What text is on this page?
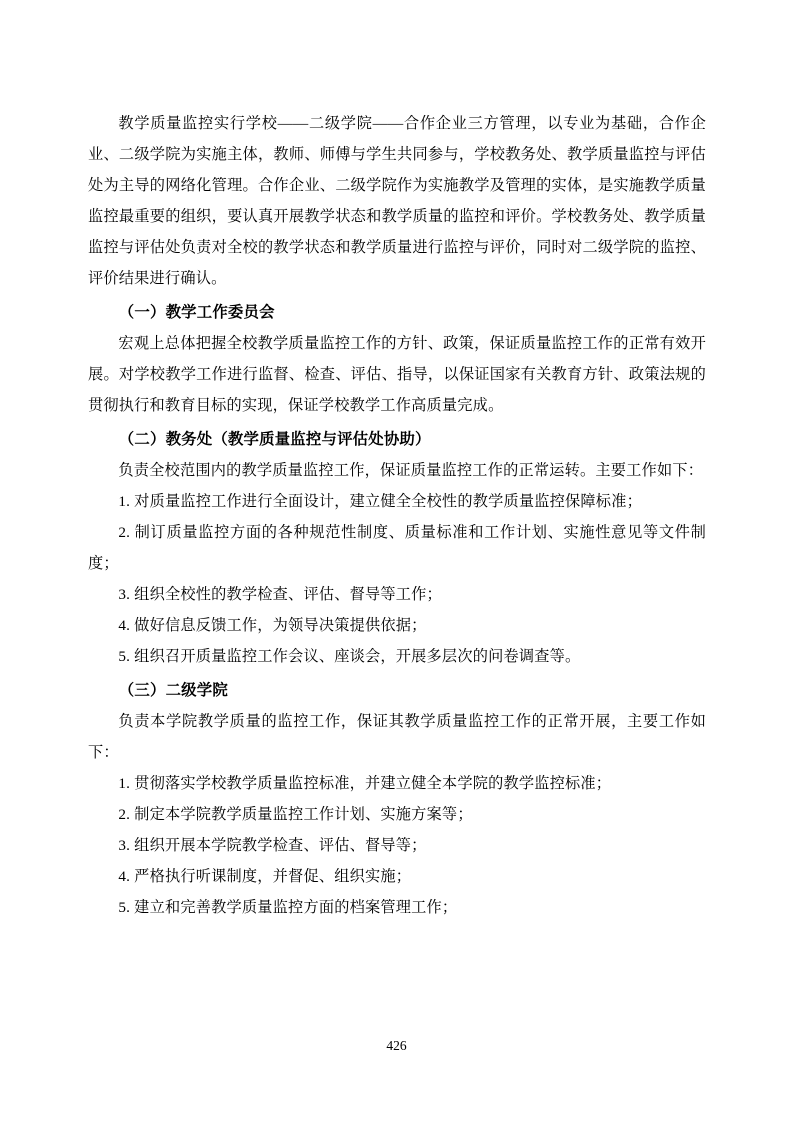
教学质量监控实行学校——二级学院——合作企业三方管理，以专业为基础，合作企业、二级学院为实施主体，教师、师傅与学生共同参与，学校教务处、教学质量监控与评估处为主导的网络化管理。合作企业、二级学院作为实施教学及管理的实体，是实施教学质量监控最重要的组织，要认真开展教学状态和教学质量的监控和评价。学校教务处、教学质量监控与评估处负责对全校的教学状态和教学质量进行监控与评价，同时对二级学院的监控、评价结果进行确认。

（一）教学工作委员会

宏观上总体把握全校教学质量监控工作的方针、政策，保证质量监控工作的正常有效开展。对学校教学工作进行监督、检查、评估、指导，以保证国家有关教育方针、政策法规的贯彻执行和教育目标的实现，保证学校教学工作高质量完成。

（二）教务处（教学质量监控与评估处协助）

负责全校范围内的教学质量监控工作，保证质量监控工作的正常运转。主要工作如下：

1. 对质量监控工作进行全面设计，建立健全全校性的教学质量监控保障标准；

2. 制订质量监控方面的各种规范性制度、质量标准和工作计划、实施性意见等文件制度；

3. 组织全校性的教学检查、评估、督导等工作；

4. 做好信息反馈工作，为领导决策提供依据；

5. 组织召开质量监控工作会议、座谈会，开展多层次的问卷调查等。

（三）二级学院

负责本学院教学质量的监控工作，保证其教学质量监控工作的正常开展，主要工作如下：

1. 贯彻落实学校教学质量监控标准，并建立健全本学院的教学监控标准；

2. 制定本学院教学质量监控工作计划、实施方案等；

3. 组织开展本学院教学检查、评估、督导等；

4. 严格执行听课制度，并督促、组织实施；

5. 建立和完善教学质量监控方面的档案管理工作；

426
